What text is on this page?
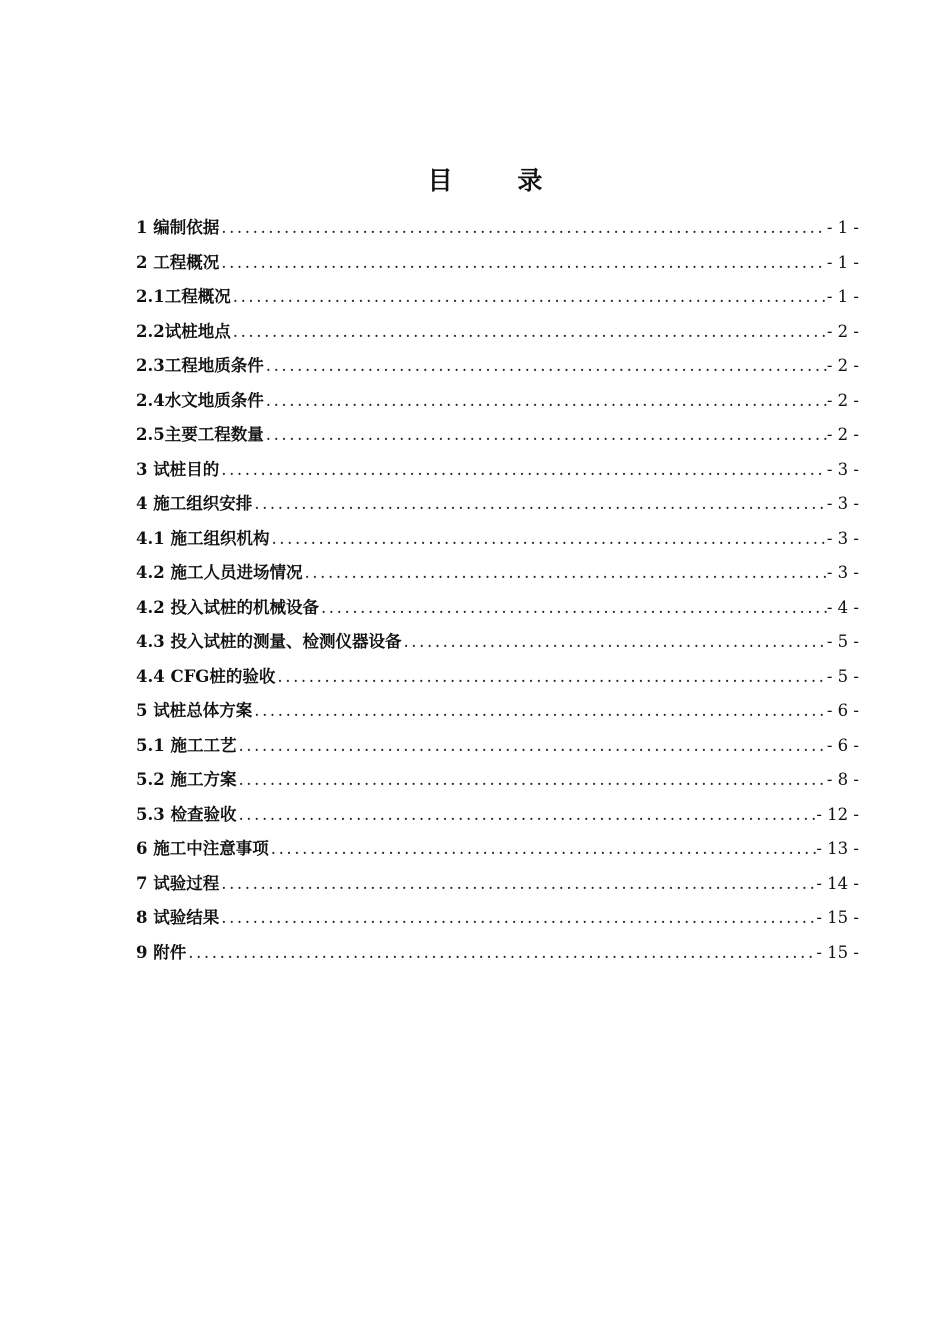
目 录
1 编制依据 .....	- 1 -
2 工程概况 .....	- 1 -
2.1工程概况 .....	- 1 -
2.2试桩地点 .....	- 2 -
2.3工程地质条件 .....	- 2 -
2.4水文地质条件 .....	- 2 -
2.5主要工程数量 .....	- 2 -
3 试桩目的 .....	- 3 -
4 施工组织安排 .....	- 3 -
4.1 施工组织机构 .....	- 3 -
4.2 施工人员进场情况 .....	- 3 -
4.2 投入试桩的机械设备 .....	- 4 -
4.3 投入试桩的测量、检测仪器设备 .....	- 5 -
4.4 CFG桩的验收 .....	- 5 -
5 试桩总体方案 .....	- 6 -
5.1 施工工艺 .....	- 6 -
5.2 施工方案 .....	- 8 -
5.3 检查验收 .....	- 12 -
6 施工中注意事项 .....	- 13 -
7 试验过程 .....	- 14 -
8 试验结果 .....	- 15 -
9 附件 .....	- 15 -
